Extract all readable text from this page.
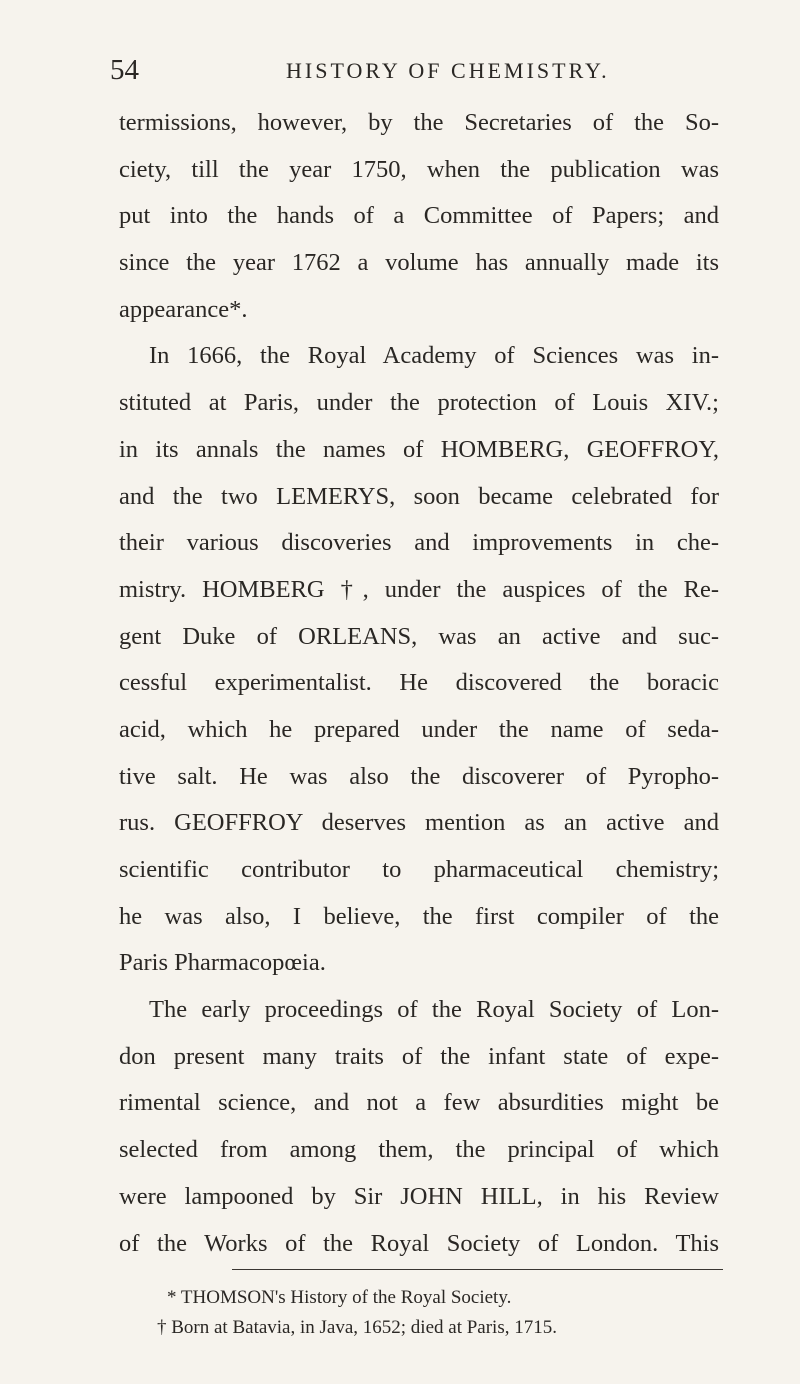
54	HISTORY OF CHEMISTRY.
termissions, however, by the Secretaries of the So-
ciety, till the year 1750, when the publication was
put into the hands of a Committee of Papers; and
since the year 1762 a volume has annually made its
appearance*.
In 1666, the Royal Academy of Sciences was in-
stituted at Paris, under the protection of Louis XIV.;
in its annals the names of HOMBERG, GEOFFROY,
and the two LEMERYS, soon became celebrated for
their various discoveries and improvements in che-
mistry. HOMBERG †, under the auspices of the Re-
gent Duke of ORLEANS, was an active and suc-
cessful experimentalist. He discovered the boracic
acid, which he prepared under the name of seda-
tive salt. He was also the discoverer of Pyropho-
rus. GEOFFROY deserves mention as an active and
scientific contributor to pharmaceutical chemistry;
he was also, I believe, the first compiler of the
Paris Pharmacopœia.
The early proceedings of the Royal Society of Lon-
don present many traits of the infant state of expe-
rimental science, and not a few absurdities might be
selected from among them, the principal of which
were lampooned by Sir JOHN HILL, in his Review
of the Works of the Royal Society of London. This
* THOMSON's History of the Royal Society.
† Born at Batavia, in Java, 1652; died at Paris, 1715.
